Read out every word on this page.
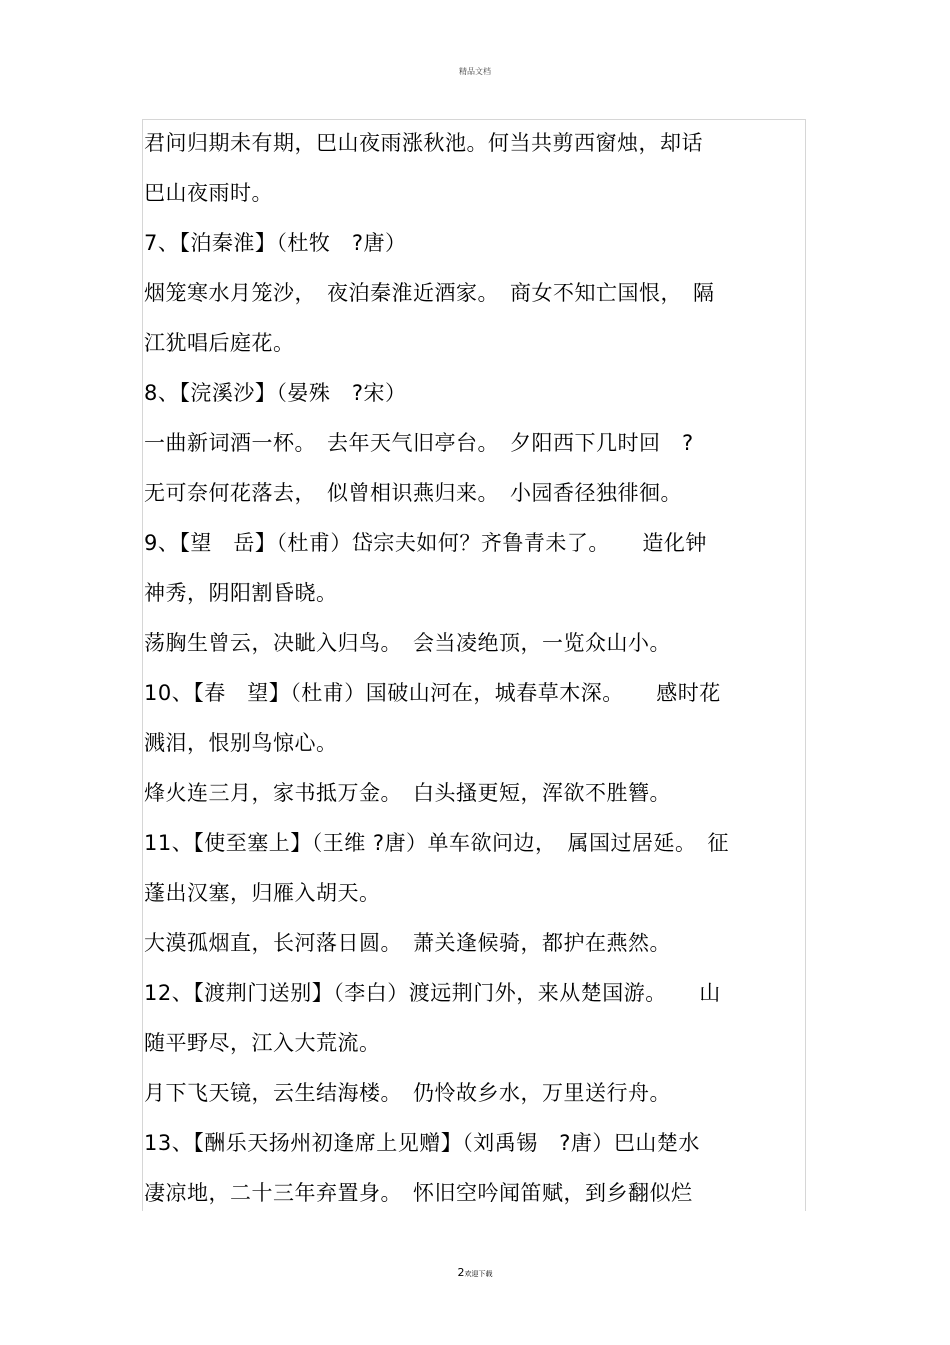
精品文档
君问归期未有期，巴山夜雨涨秋池。何当共剪西窗烛，却话
巴山夜雨时。
7、【泊秦淮】（杜牧　?唐）
烟笼寒水月笼沙，　夜泊秦淮近酒家。　商女不知亡国恨，　隔
江犹唱后庭花。
8、【浣溪沙】（晏殊　?宋）
一曲新词酒一杯。　去年天气旧亭台。　夕阳西下几时回　?
无可奈何花落去，　似曾相识燕归来。　小园香径独徘徊。
9、【望　岳】（杜甫）岱宗夫如何？齐鲁青未了。　　造化钟
神秀，阴阳割昏晓。
荡胸生曾云，决眦入归鸟。　会当凌绝顶，一览众山小。
10、【春　望】（杜甫）国破山河在，城春草木深。　　感时花
溅泪，恨别鸟惊心。
烽火连三月，家书抵万金。　白头搔更短，浑欲不胜簪。
11、【使至塞上】（王维 ?唐）单车欲问边，　属国过居延。　征
蓬出汉塞，归雁入胡天。
大漠孤烟直，长河落日圆。　萧关逢候骑，都护在燕然。
12、【渡荆门送别】（李白）渡远荆门外，来从楚国游。　　山
随平野尽，江入大荒流。
月下飞天镜，云生结海楼。　仍怜故乡水，万里送行舟。
13、【酬乐天扬州初逢席上见赠】（刘禹锡　?唐）巴山楚水
凄凉地，二十三年弃置身。　怀旧空吟闻笛赋，到乡翻似烂
2欢迎下载
